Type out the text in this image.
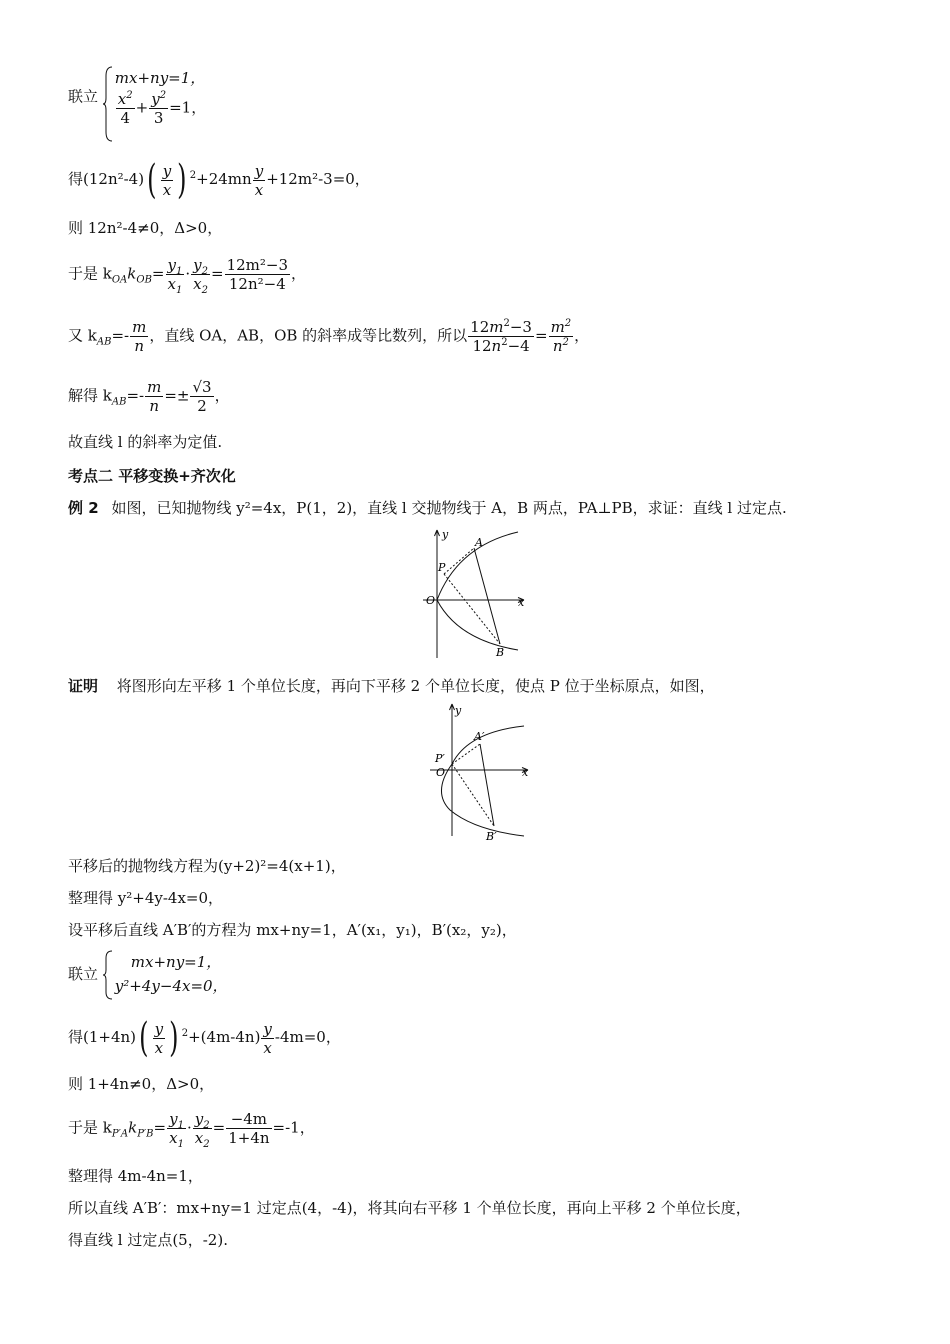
联立
mx+ny=1，
$\frac{x^2}{4} + \frac{y^2}{3} =1$，
得$(12n^2-4)( \frac{y}{x}$ ) $^2+24mn \frac{y}{x} +12m^2-3=0$，
则 12n²-4≠0，Δ>0，
于是 $k_{OA}k_{OB}= \frac{y_1}{x_1} \cdot \frac{y_2}{x_2} = \frac{\text{12m²−3}}{\text{12n²−4}}$ ，
又 $k_{AB}=- \frac{m}{n}$ ，直线 OA，AB，OB 的斜率成等比数列，所以 $\frac{12m^2-3}{12n^2-4} = \frac{m^2}{n^2}$ ，
解得 $k_{AB}=- \frac{m}{n} =\pm \frac{√3}{2}$ ，
故直线 l 的斜率为定值.
考点二 平移变换+齐次化
例 2 如图，已知抛物线 y²=4x，P(1，2)，直线 l 交抛物线于 A，B 两点，PA⊥PB，求证：直线 l 过定点.
y
A
P
O	x
B
证明 将图形向左平移 1 个单位长度，再向下平移 2 个单位长度，使点 P 位于坐标原点，如图，
y
A′
P′
O	x
B′
平移后的抛物线方程为(y+2)²=4(x+1)，
整理得 y²+4y-4x=0，
设平移后直线 A′B′的方程为 mx+ny=1，A′(x₁，y₁)，B′(x₂，y₂)，
联立
mx+ny=1，
y²+4y−4x=0，
得$(1+4n)( \frac{y}{x}$ ) $^2+(4m-4n) \frac{y}{x} -4m=0$，
则 1+4n≠0，Δ>0，
于是 $k_{P'A}k_{P'B}= \frac{y_1}{x_1} \cdot \frac{y_2}{x_2} = \frac{-4m}{1+4n} =-1$，
整理得 4m-4n=1，
所以直线 A′B′：mx+ny=1 过定点(4，-4)，将其向右平移 1 个单位长度，再向上平移 2 个单位长度，
得直线 l 过定点(5，-2).
